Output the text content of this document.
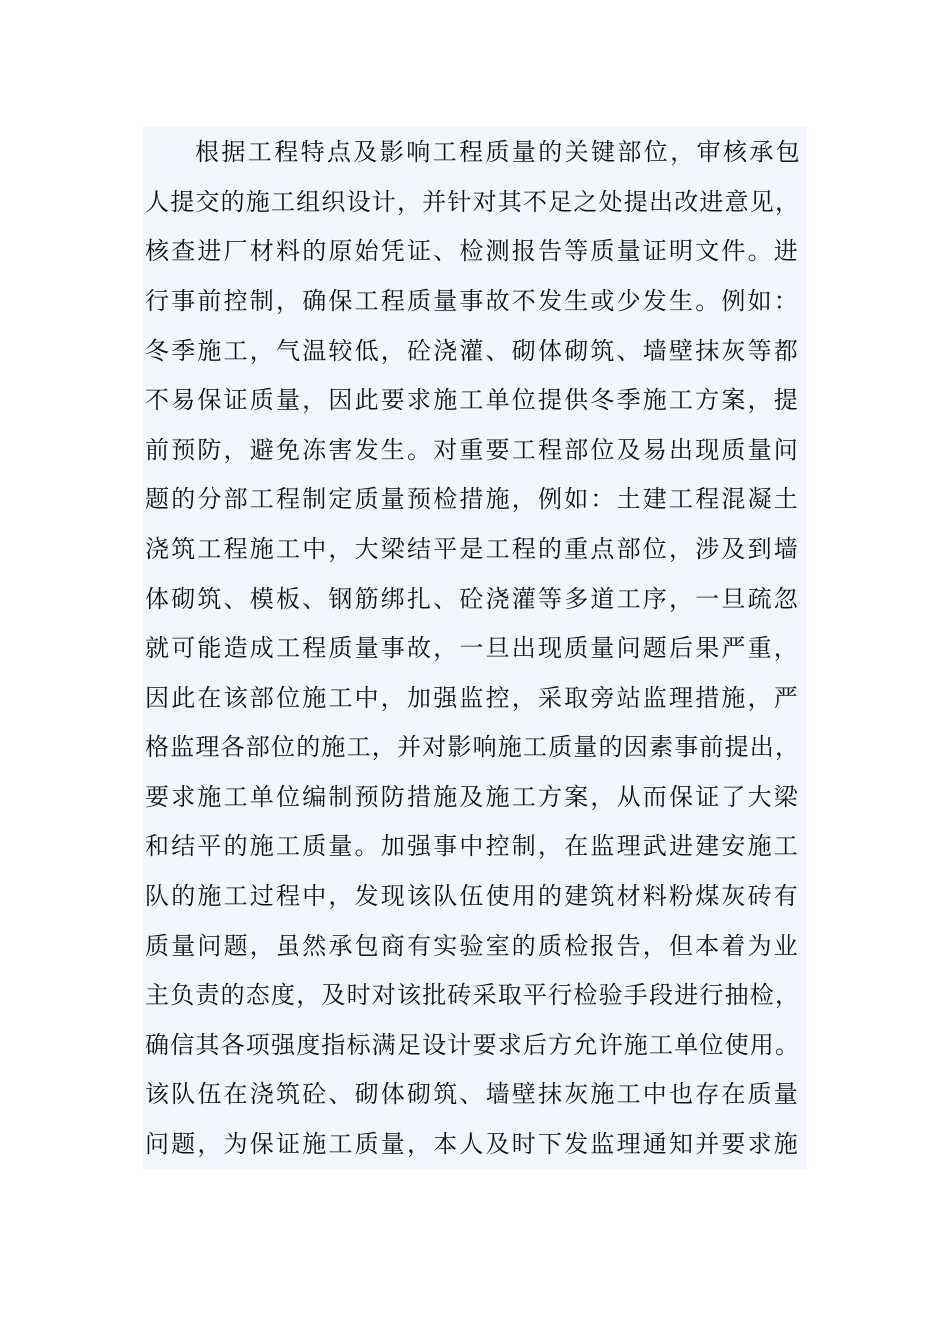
根据工程特点及影响工程质量的关键部位，审核承包
人提交的施工组织设计，并针对其不足之处提出改进意见，
核查进厂材料的原始凭证、检测报告等质量证明文件。进
行事前控制，确保工程质量事故不发生或少发生。例如：
冬季施工，气温较低，砼浇灌、砌体砌筑、墙壁抹灰等都
不易保证质量，因此要求施工单位提供冬季施工方案，提
前预防，避免冻害发生。对重要工程部位及易出现质量问
题的分部工程制定质量预检措施，例如：土建工程混凝土
浇筑工程施工中，大梁结平是工程的重点部位，涉及到墙
体砌筑、模板、钢筋绑扎、砼浇灌等多道工序，一旦疏忽
就可能造成工程质量事故，一旦出现质量问题后果严重，
因此在该部位施工中，加强监控，采取旁站监理措施，严
格监理各部位的施工，并对影响施工质量的因素事前提出，
要求施工单位编制预防措施及施工方案，从而保证了大梁
和结平的施工质量。加强事中控制，在监理武进建安施工
队的施工过程中，发现该队伍使用的建筑材料粉煤灰砖有
质量问题，虽然承包商有实验室的质检报告，但本着为业
主负责的态度，及时对该批砖采取平行检验手段进行抽检，
确信其各项强度指标满足设计要求后方允许施工单位使用。
该队伍在浇筑砼、砌体砌筑、墙壁抹灰施工中也存在质量
问题，为保证施工质量，本人及时下发监理通知并要求施
